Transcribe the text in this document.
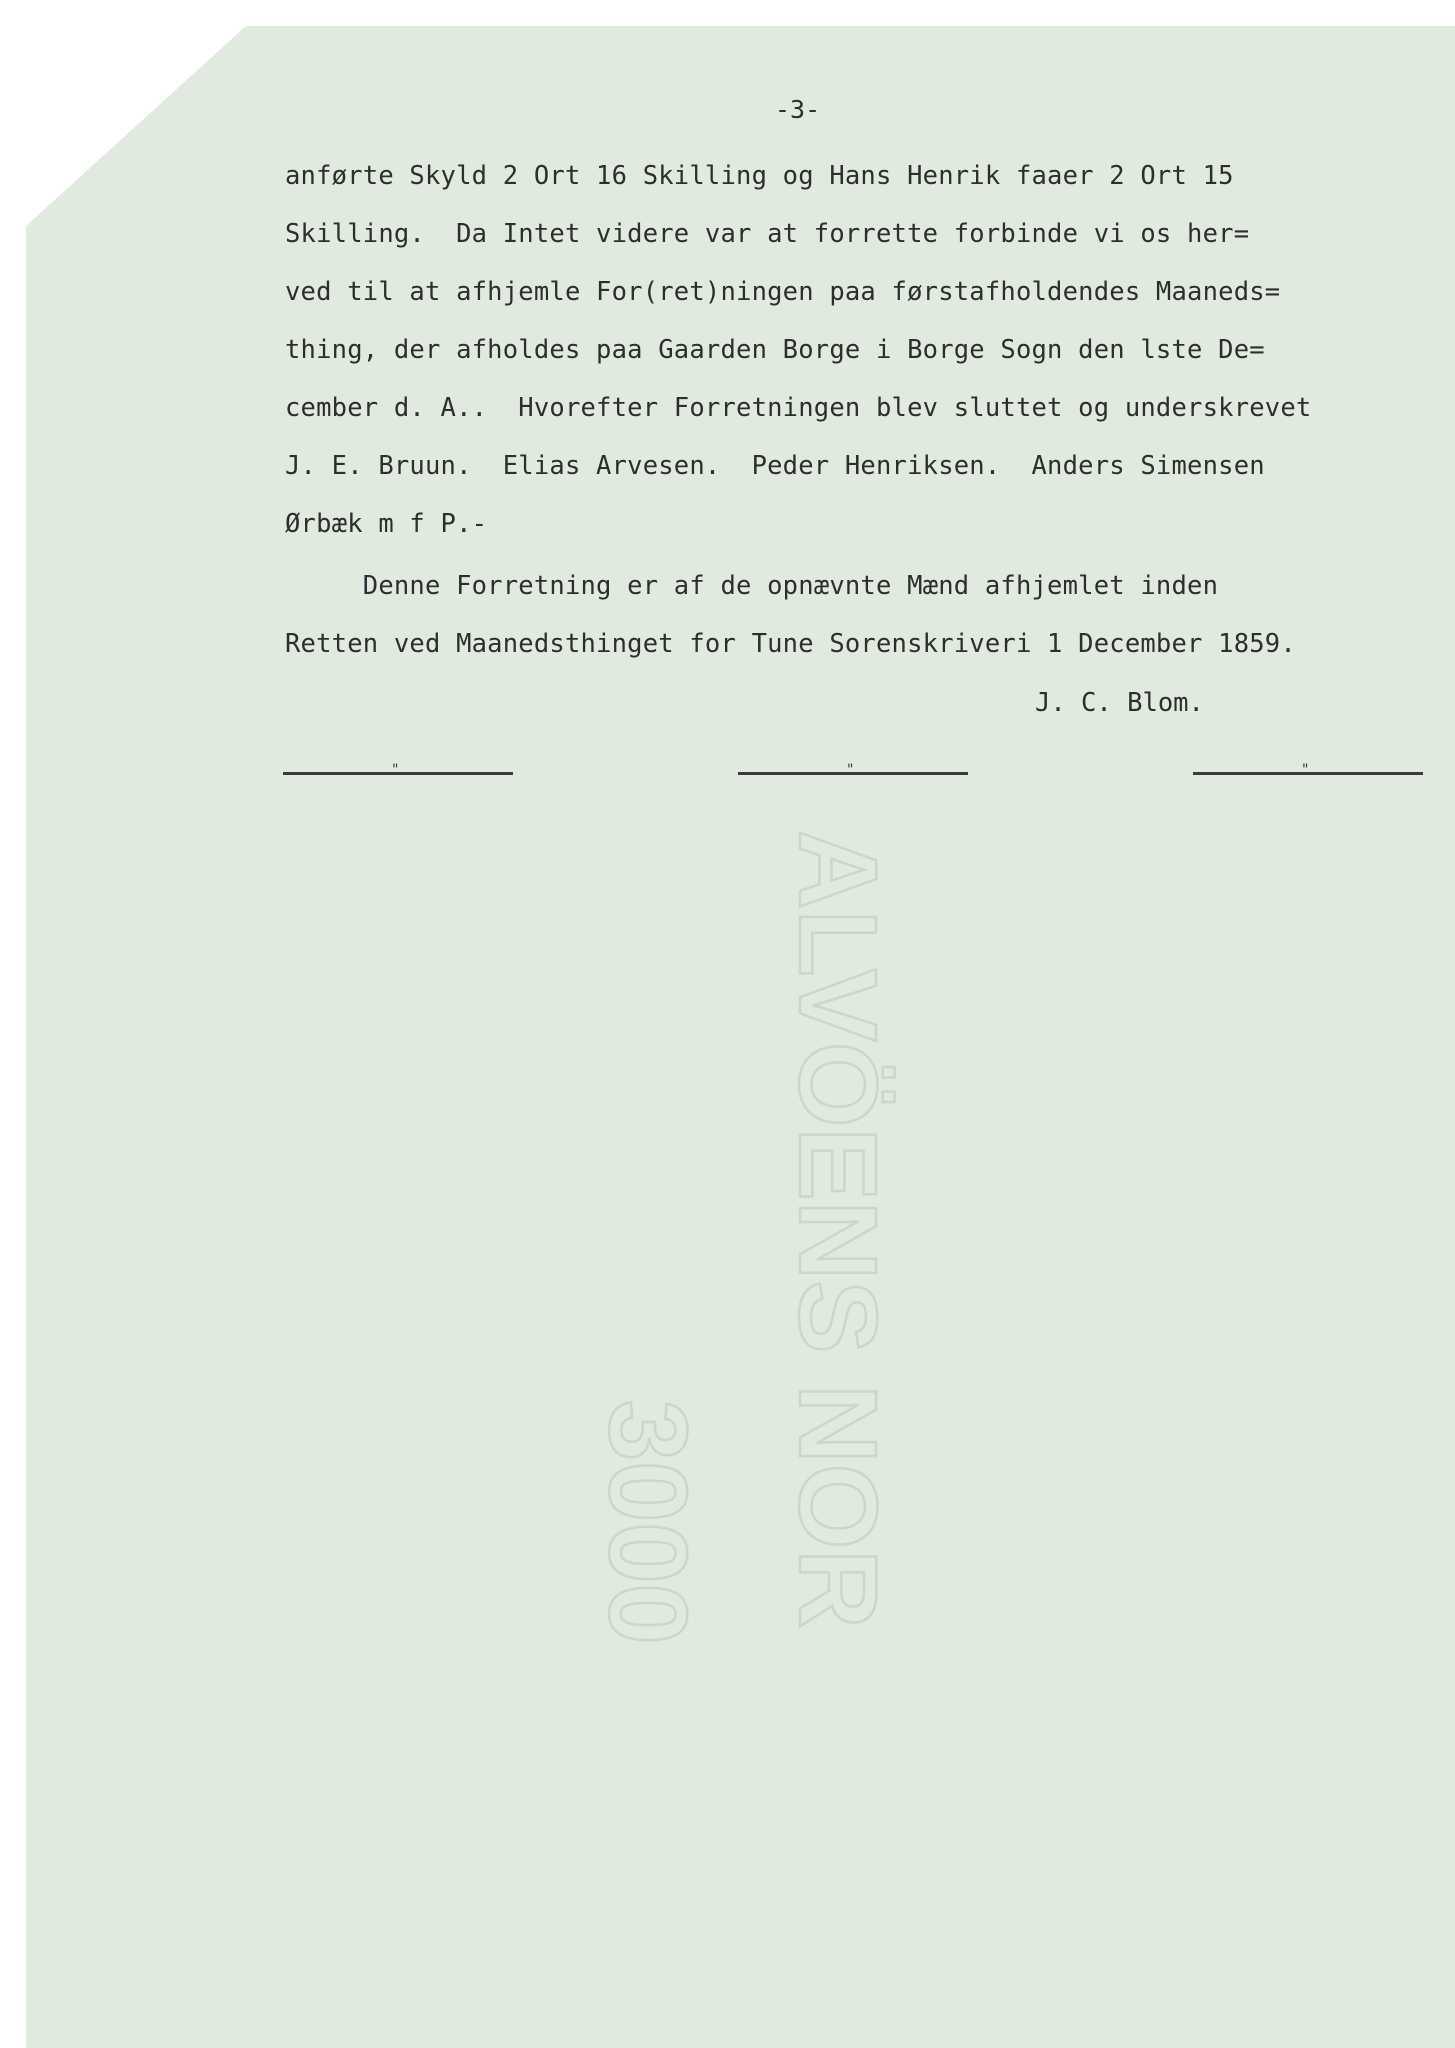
ALVÖENS NOR
3000
-3-
anførte Skyld 2 Ort 16 Skilling og Hans Henrik faaer 2 Ort 15
Skilling.  Da Intet videre var at forrette forbinde vi os her=
ved til at afhjemle For(ret)ningen paa førstafholdendes Maaneds=
thing, der afholdes paa Gaarden Borge i Borge Sogn den lste De=
cember d. A..  Hvorefter Forretningen blev sluttet og underskrevet
J. E. Bruun.  Elias Arvesen.  Peder Henriksen.  Anders Simensen
Ørbæk m f P.-
Denne Forretning er af de opnævnte Mænd afhjemlet inden
Retten ved Maanedsthinget for Tune Sorenskriveri 1 December 1859.
J. C. Blom.
"	"	"
